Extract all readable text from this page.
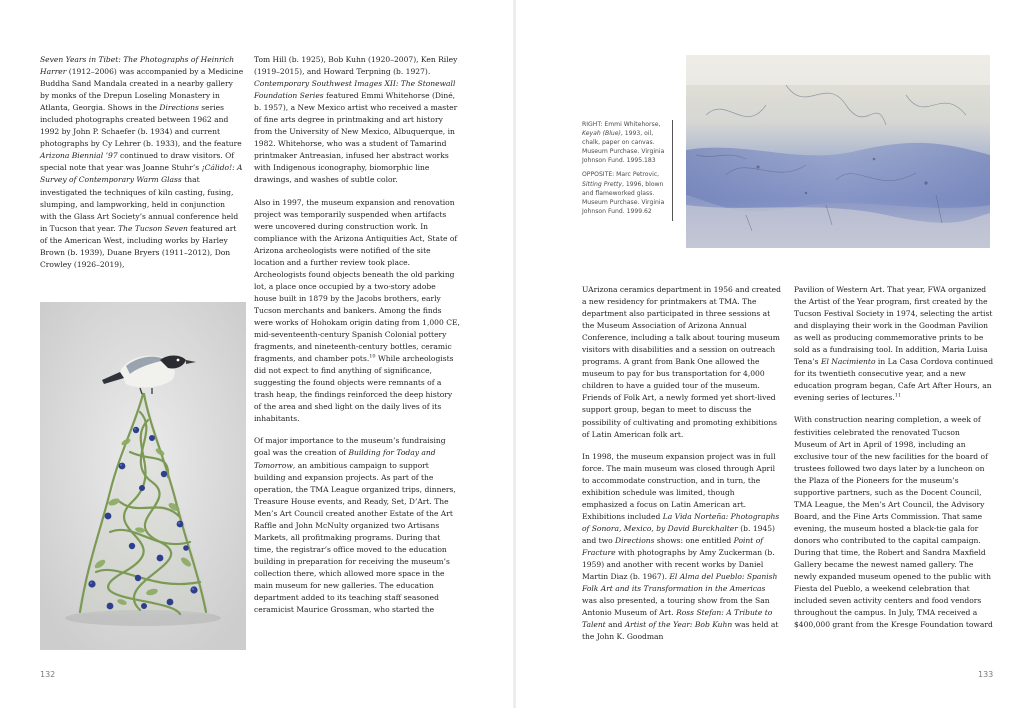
Seven Years in Tibet: The Photographs of Heinrich Harrer (1912–2006) was accompanied by a Medicine Buddha Sand Mandala created in a nearby gallery by monks of the Drepun Loseling Monastery in Atlanta, Georgia. Shows in the Directions series included photographs created between 1962 and 1992 by John P. Schaefer (b. 1934) and current photographs by Cy Lehrer (b. 1933), and the feature Arizona Biennial ’97 continued to draw visitors. Of special note that year was Joanne Stuhr’s ¡Cálido!: A Survey of Contemporary Warm Glass that investigated the techniques of kiln casting, fusing, slumping, and lampworking, held in conjunction with the Glass Art Society’s annual conference held in Tucson that year. The Tucson Seven featured art of the American West, including works by Harley Brown (b. 1939), Duane Bryers (1911–2012), Don Crowley (1926–2019),

Tom Hill (b. 1925), Bob Kuhn (1920–2007), Ken Riley (1919–2015), and Howard Terpning (b. 1927). Contemporary Southwest Images XII: The Stonewall Foundation Series featured Emmi Whitehorse (Diné, b. 1957), a New Mexico artist who received a master of fine arts degree in printmaking and art history from the University of New Mexico, Albuquerque, in 1982. Whitehorse, who was a student of Tamarind printmaker Antreasian, infused her abstract works with Indigenous iconography, biomorphic line drawings, and washes of subtle color.

Also in 1997, the museum expansion and renovation project was temporarily suspended when artifacts were uncovered during construction work. In compliance with the Arizona Antiquities Act, State of Arizona archeologists were notified of the site location and a further review took place. Archeologists found objects beneath the old parking lot, a place once occupied by a two-story adobe house built in 1879 by the Jacobs brothers, early Tucson merchants and bankers. Among the finds were works of Hohokam origin dating from 1,000 CE, mid-seventeenth-century Spanish Colonial pottery fragments, and nineteenth-century bottles, ceramic fragments, and chamber pots.$^{10}$ While archeologists did not expect to find anything of significance, suggesting the found objects were remnants of a trash heap, the findings reinforced the deep history of the area and shed light on the daily lives of its inhabitants.

Of major importance to the museum’s fundraising goal was the creation of Building for Today and Tomorrow, an ambitious campaign to support building and expansion projects. As part of the operation, the TMA League organized trips, dinners, Treasure House events, and Ready, Set, D’Art. The Men’s Art Council created another Estate of the Art Raffle and John McNulty organized two Artisans Markets, all profitmaking programs. During that time, the registrar’s office moved to the education building in preparation for receiving the museum’s collection there, which allowed more space in the main museum for new galleries. The education department added to its teaching staff seasoned ceramicist Maurice Grossman, who started the

132	133

RIGHT: Emmi Whitehorse, Keyah (Blue), 1993, oil, chalk, paper on canvas. Museum Purchase. Virginia Johnson Fund. 1995.183

OPPOSITE: Marc Petrovic, Sitting Pretty, 1996, blown and flameworked glass. Museum Purchase. Virginia Johnson Fund. 1999.62

UArizona ceramics department in 1956 and created a new residency for printmakers at TMA. The department also participated in three sessions at the Museum Association of Arizona Annual Conference, including a talk about touring museum visitors with disabilities and a session on outreach programs. A grant from Bank One allowed the museum to pay for bus transportation for 4,000 children to have a guided tour of the museum. Friends of Folk Art, a newly formed yet short-lived support group, began to meet to discuss the possibility of cultivating and promoting exhibitions of Latin American folk art.

In 1998, the museum expansion project was in full force. The main museum was closed through April to accommodate construction, and in turn, the exhibition schedule was limited, though emphasized a focus on Latin American art. Exhibitions included La Vida Norteña: Photographs of Sonora, Mexico, by David Burckhalter (b. 1945) and two Directions shows: one entitled Point of Fracture with photographs by Amy Zuckerman (b. 1959) and another with recent works by Daniel Martin Diaz (b. 1967). El Alma del Pueblo: Spanish Folk Art and its Transformation in the Americas was also presented, a touring show from the San Antonio Museum of Art. Ross Stefan: A Tribute to Talent and Artist of the Year: Bob Kuhn was held at the John K. Goodman

Pavilion of Western Art. That year, FWA organized the Artist of the Year program, first created by the Tucson Festival Society in 1974, selecting the artist and displaying their work in the Goodman Pavilion as well as producing commemorative prints to be sold as a fundraising tool. In addition, Maria Luisa Tena’s El Nacimiento in La Casa Cordova continued for its twentieth consecutive year, and a new education program began, Cafe Art After Hours, an evening series of lectures.$^{11}$

With construction nearing completion, a week of festivities celebrated the renovated Tucson Museum of Art in April of 1998, including an exclusive tour of the new facilities for the board of trustees followed two days later by a luncheon on the Plaza of the Pioneers for the museum’s supportive partners, such as the Docent Council, TMA League, the Men’s Art Council, the Advisory Board, and the Fine Arts Commission. That same evening, the museum hosted a black-tie gala for donors who contributed to the capital campaign. During that time, the Robert and Sandra Maxfield Gallery became the newest named gallery. The newly expanded museum opened to the public with Fiesta del Pueblo, a weekend celebration that included seven activity centers and food vendors throughout the campus. In July, TMA received a $400,000 grant from the Kresge Foundation toward
